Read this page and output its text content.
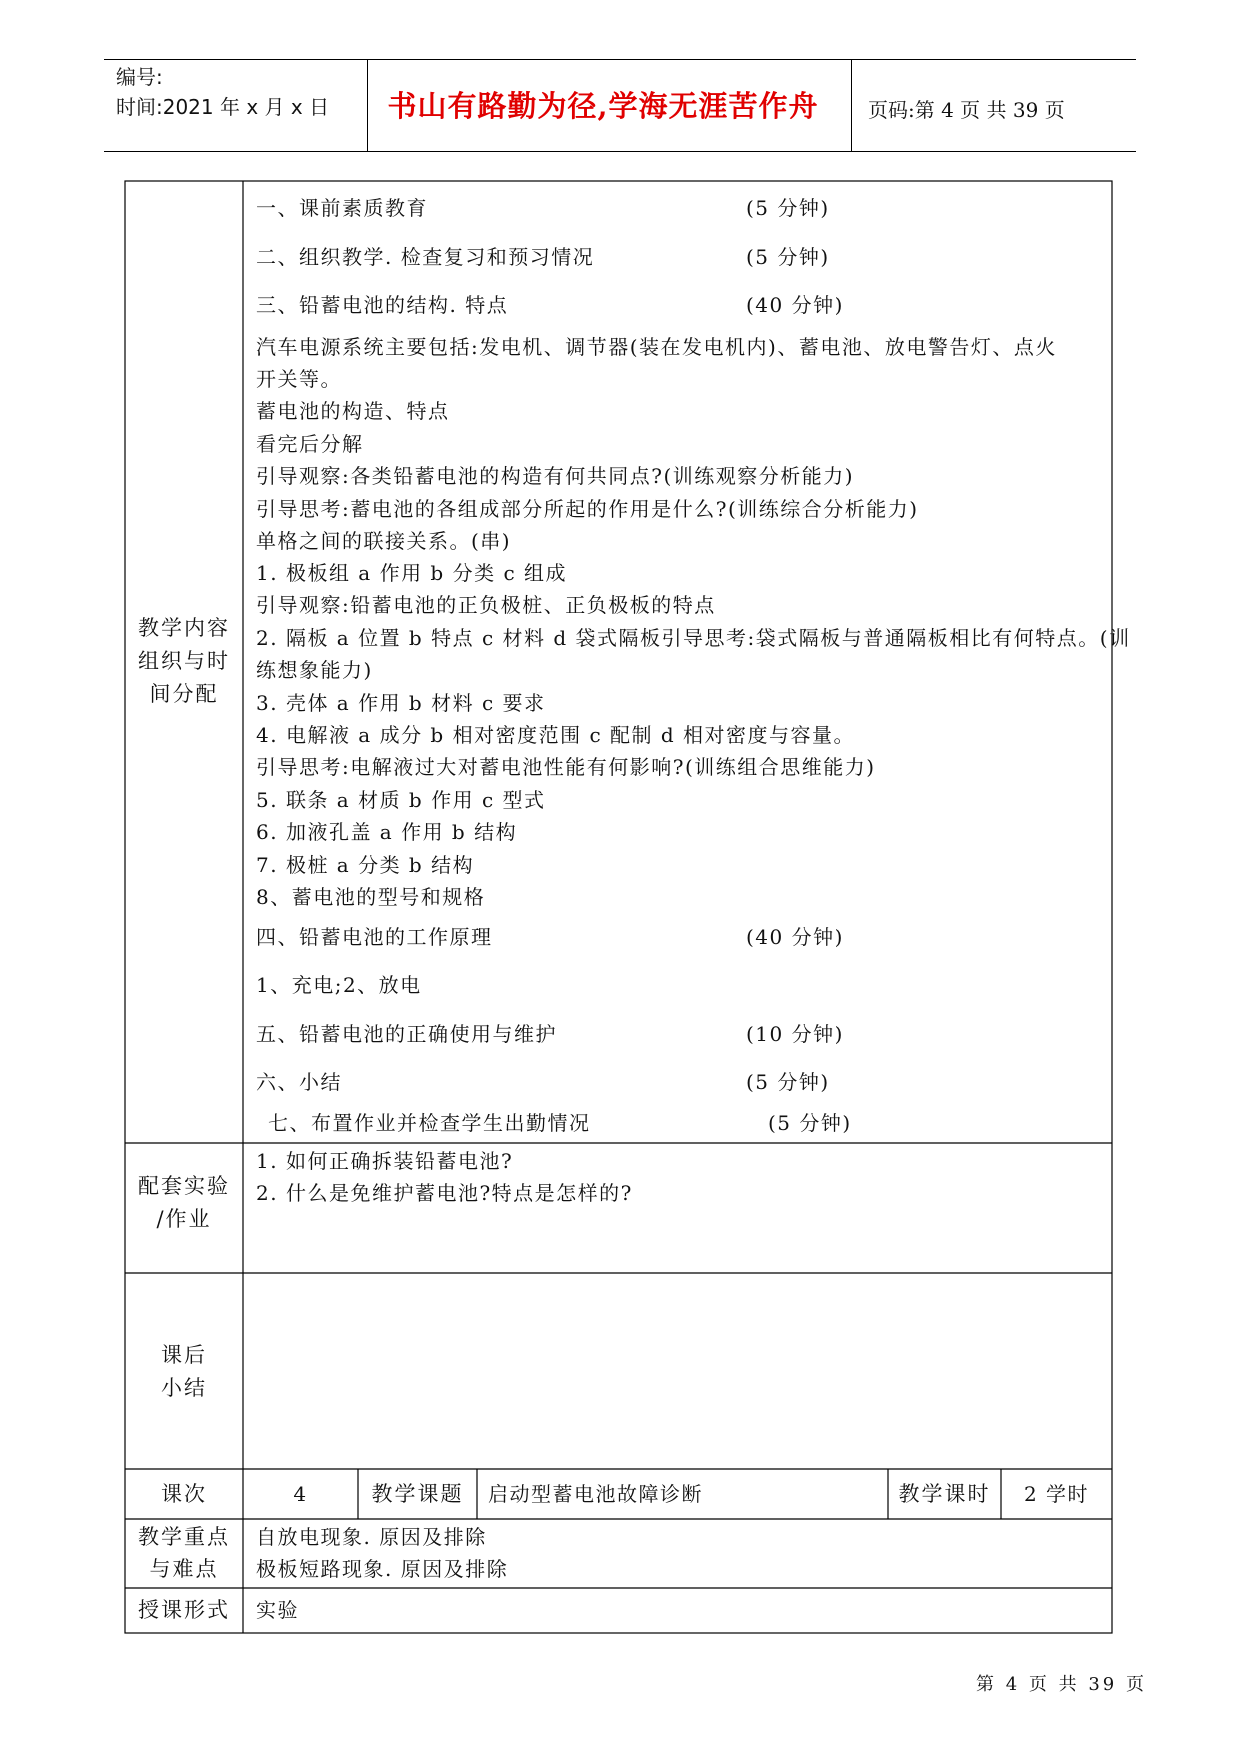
编号:
时间:2021 年 x 月 x 日	书山有路勤为径,学海无涯苦作舟	页码:第 4 页 共 39 页
教学内容
组织与时
间分配
一、课前素质教育	(5 分钟)
二、组织教学. 检查复习和预习情况	(5 分钟)
三、铅蓄电池的结构. 特点	(40 分钟)
汽车电源系统主要包括:发电机、调节器(装在发电机内)、蓄电池、放电警告灯、点火
开关等。
蓄电池的构造、特点
看完后分解
引导观察:各类铅蓄电池的构造有何共同点?(训练观察分析能力)
引导思考:蓄电池的各组成部分所起的作用是什么?(训练综合分析能力)
单格之间的联接关系。(串)
1. 极板组 a 作用 b 分类 c 组成
引导观察:铅蓄电池的正负极桩、正负极板的特点
2. 隔板 a 位置 b 特点 c 材料 d 袋式隔板引导思考:袋式隔板与普通隔板相比有何特点。(训
练想象能力)
3. 壳体 a 作用 b 材料 c 要求
4. 电解液 a 成分 b 相对密度范围 c 配制 d 相对密度与容量。
引导思考:电解液过大对蓄电池性能有何影响?(训练组合思维能力)
5. 联条 a 材质 b 作用 c 型式
6. 加液孔盖 a 作用 b 结构
7. 极桩 a 分类 b 结构
8、蓄电池的型号和规格
四、铅蓄电池的工作原理	(40 分钟)
1、充电;2、放电
五、铅蓄电池的正确使用与维护	(10 分钟)
六、小结	(5 分钟)
七、布置作业并检查学生出勤情况	(5 分钟)
配套实验
/作业
1. 如何正确拆装铅蓄电池?
2. 什么是免维护蓄电池?特点是怎样的?
课后
小结
课次	4	教学课题	启动型蓄电池故障诊断	教学课时	2 学时
教学重点
与难点
自放电现象. 原因及排除
极板短路现象. 原因及排除
授课形式	实验
第 4 页 共 39 页
